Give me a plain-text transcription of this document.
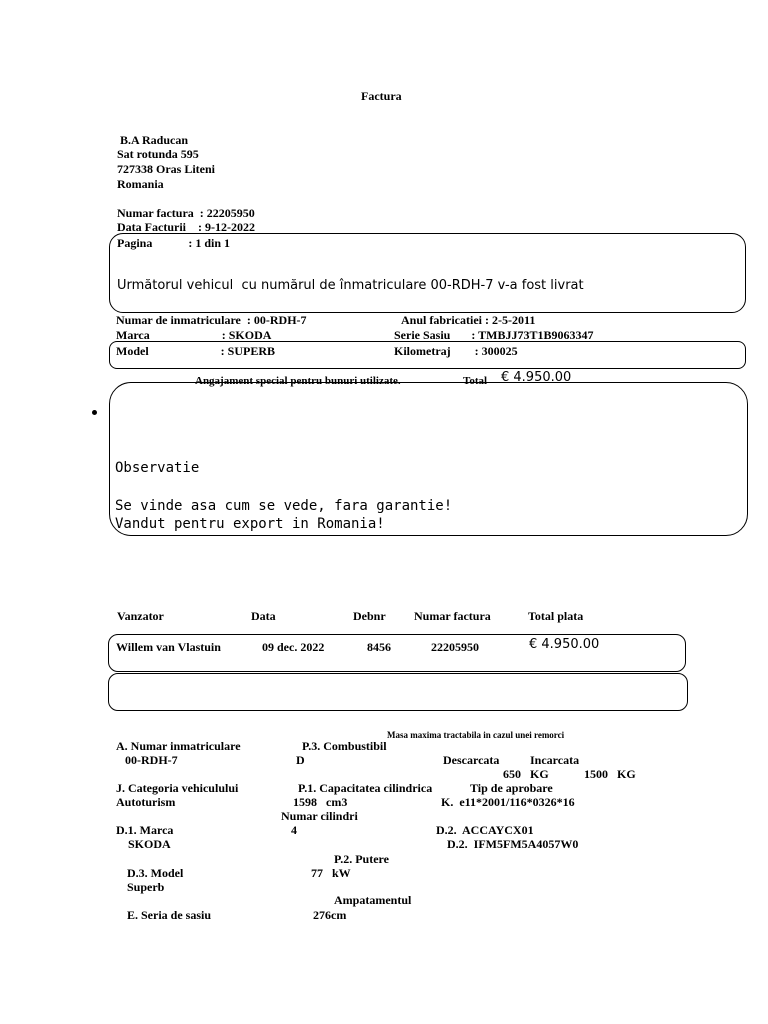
Factura
B.A Raducan
Sat rotunda 595
727338 Oras Liteni
Romania
Numar factura  : 22205950
Data Facturii    : 9-12-2022
Pagina            : 1 din 1
Următorul vehicul  cu numărul de înmatriculare 00-RDH-7 v-a fost livrat
Numar de inmatriculare  : 00-RDH-7	Anul fabricatiei : 2-5-2011
Marca                        : SKODA	Serie Sasiu       : TMBJJ73T1B9063347
Model                        : SUPERB	Kilometraj        : 300025
Angajament special pentru bunuri utilizate.	Total € 4.950.00
Observatie
Se vinde asa cum se vede, fara garantie!
Vandut pentru export in Romania!
Vanzator	Data	Debnr Numar factura	Total plata
Willem van Vlastuin	09 dec. 2022	8456	22205950	€ 4.950.00
Masa maxima tractabila in cazul unei remorci
A. Numar inmatriculare	P.3. Combustibil
00-RDH-7	D	Descarcata	Incarcata
650   KG	1500   KG
J. Categoria vehiculului	P.1. Capacitatea cilindrica	Tip de aprobare
Autoturism	1598   cm3	K.  e11*2001/116*0326*16
Numar cilindri
D.1. Marca	4	D.2.  ACCAYCX01
SKODA	D.2.  IFM5FM5A4057W0
P.2. Putere
D.3. Model	77   kW
Superb
Ampatamentul
E. Seria de sasiu	276cm
